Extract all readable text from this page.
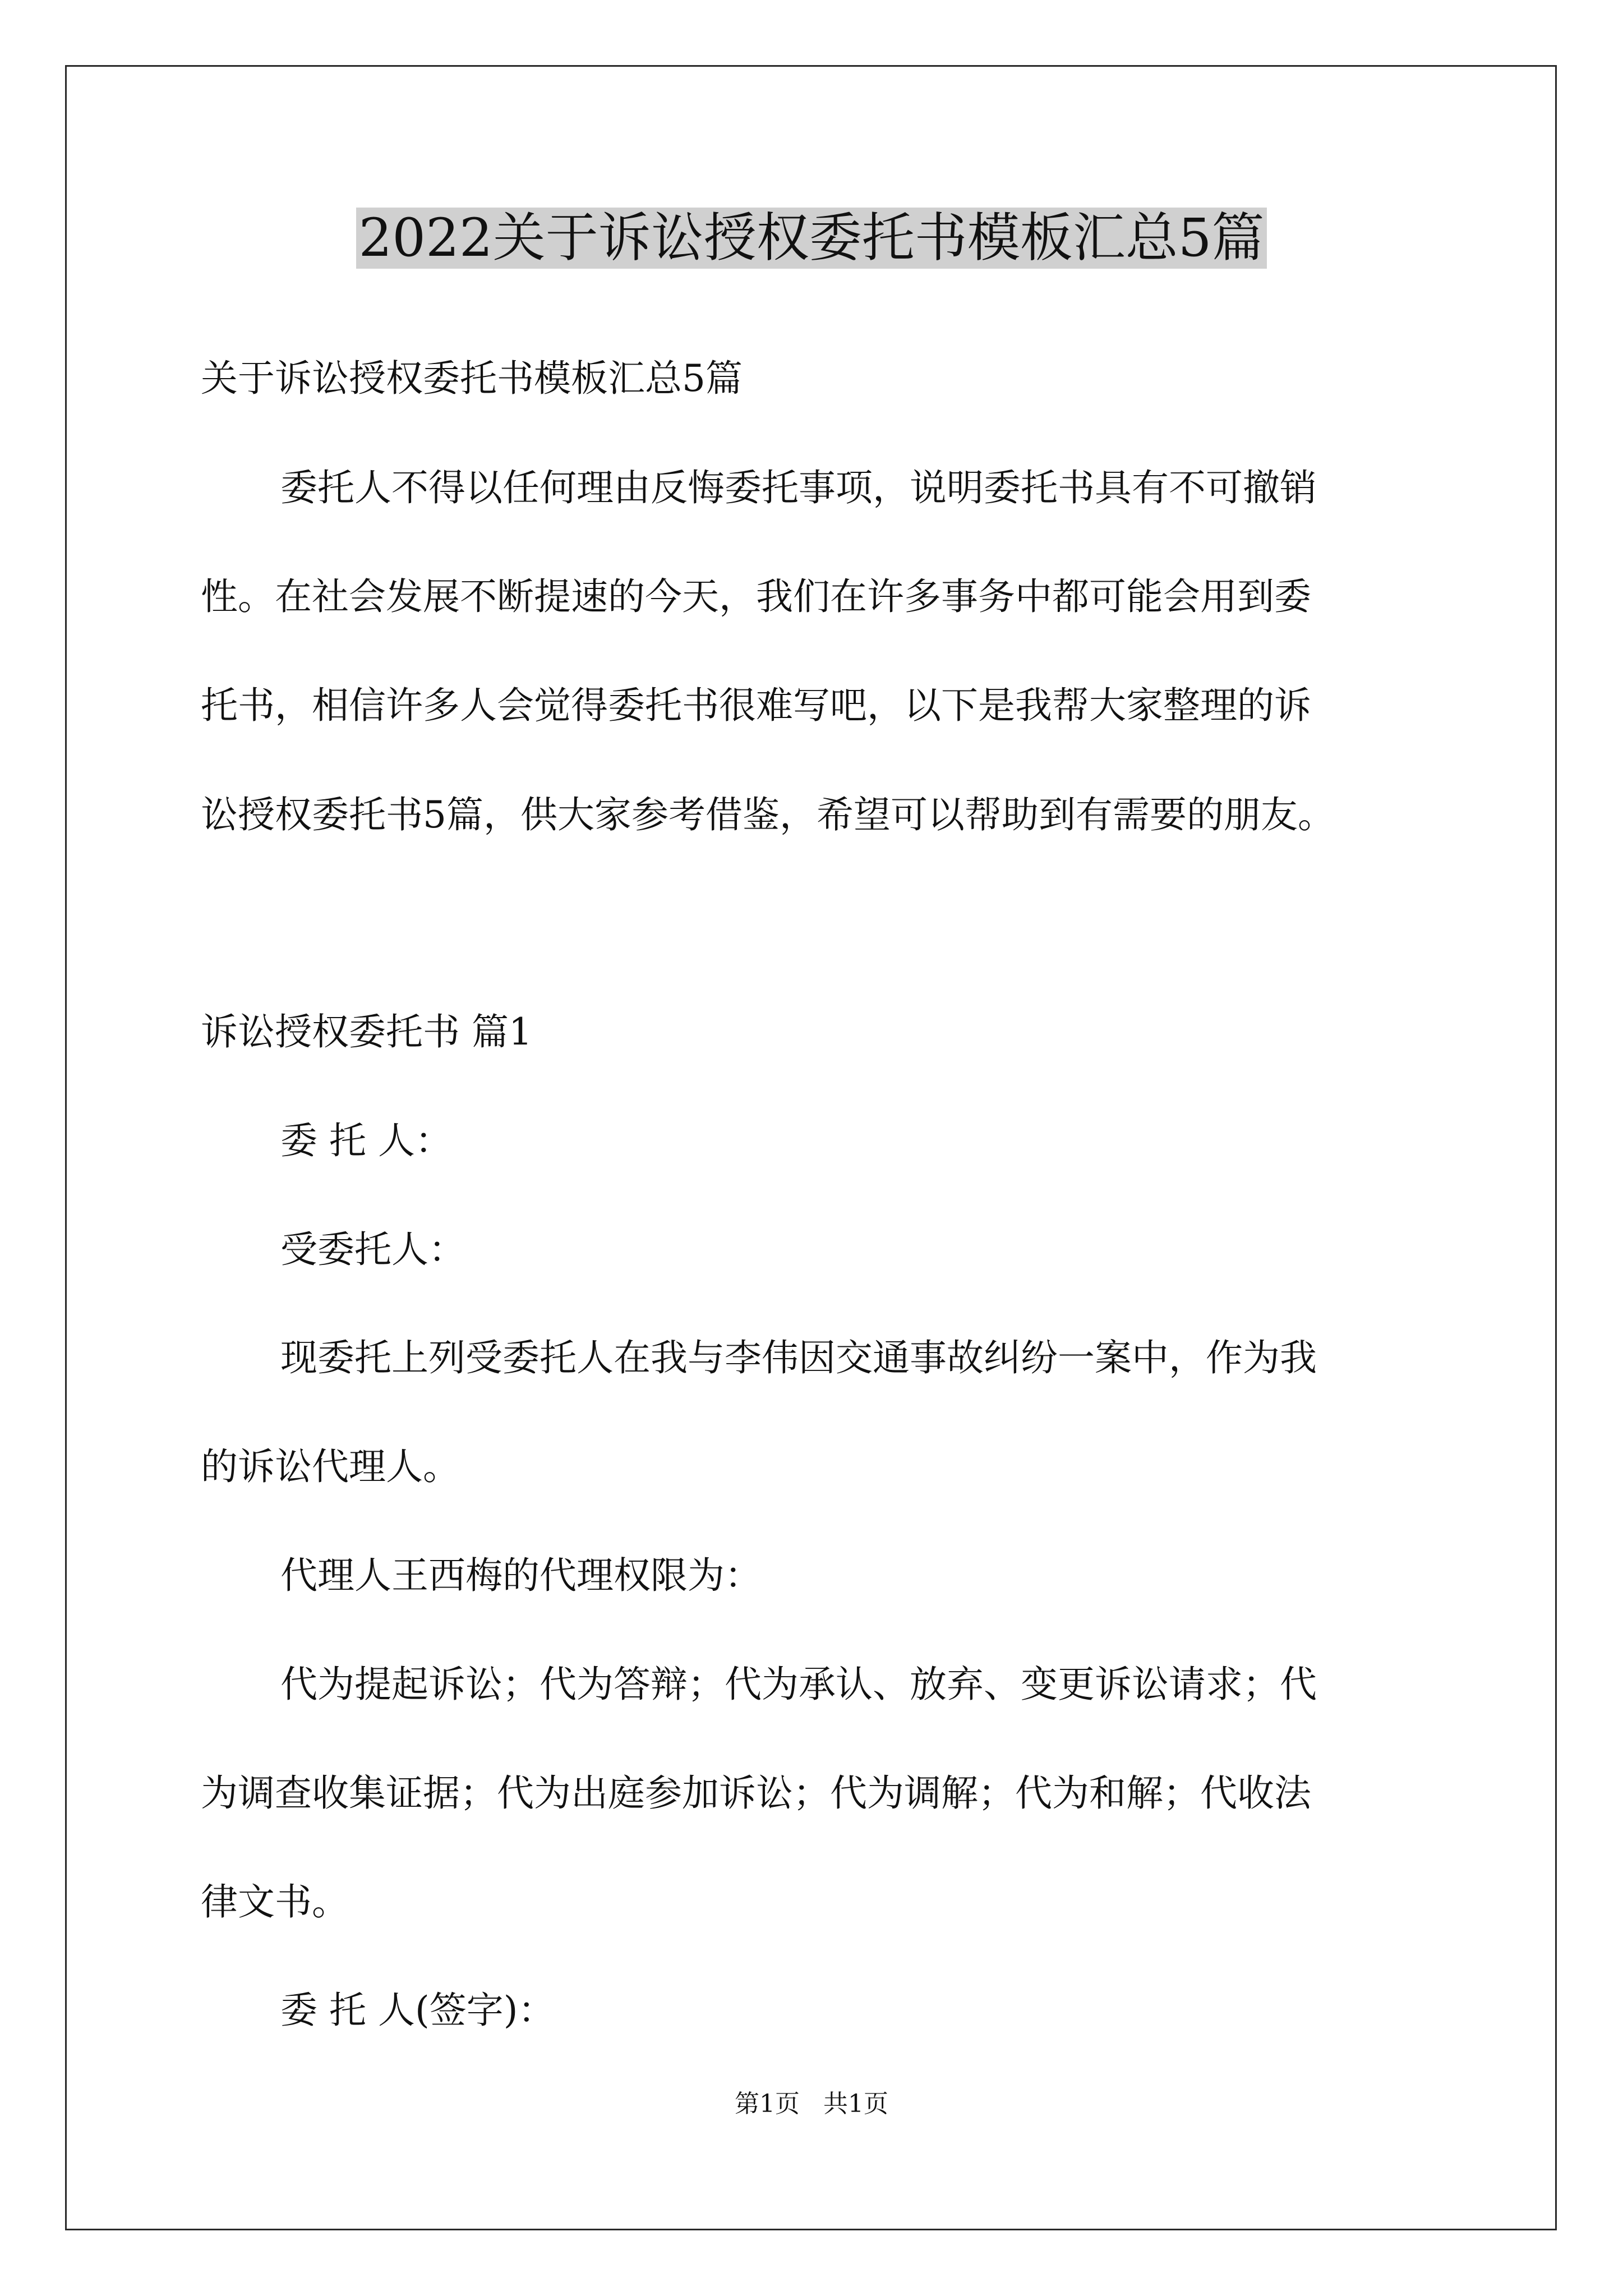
2022关于诉讼授权委托书模板汇总5篇
关于诉讼授权委托书模板汇总5篇
委托人不得以任何理由反悔委托事项，说明委托书具有不可撤销
性。在社会发展不断提速的今天，我们在许多事务中都可能会用到委
托书，相信许多人会觉得委托书很难写吧，以下是我帮大家整理的诉
讼授权委托书5篇，供大家参考借鉴，希望可以帮助到有需要的朋友。
诉讼授权委托书 篇1
委 托 人：
受委托人：
现委托上列受委托人在我与李伟因交通事故纠纷一案中，作为我
的诉讼代理人。
代理人王西梅的代理权限为：
代为提起诉讼；代为答辩；代为承认、放弃、变更诉讼请求；代
为调查收集证据；代为出庭参加诉讼；代为调解；代为和解；代收法
律文书。
委 托 人(签字)：
第1页   共1页
